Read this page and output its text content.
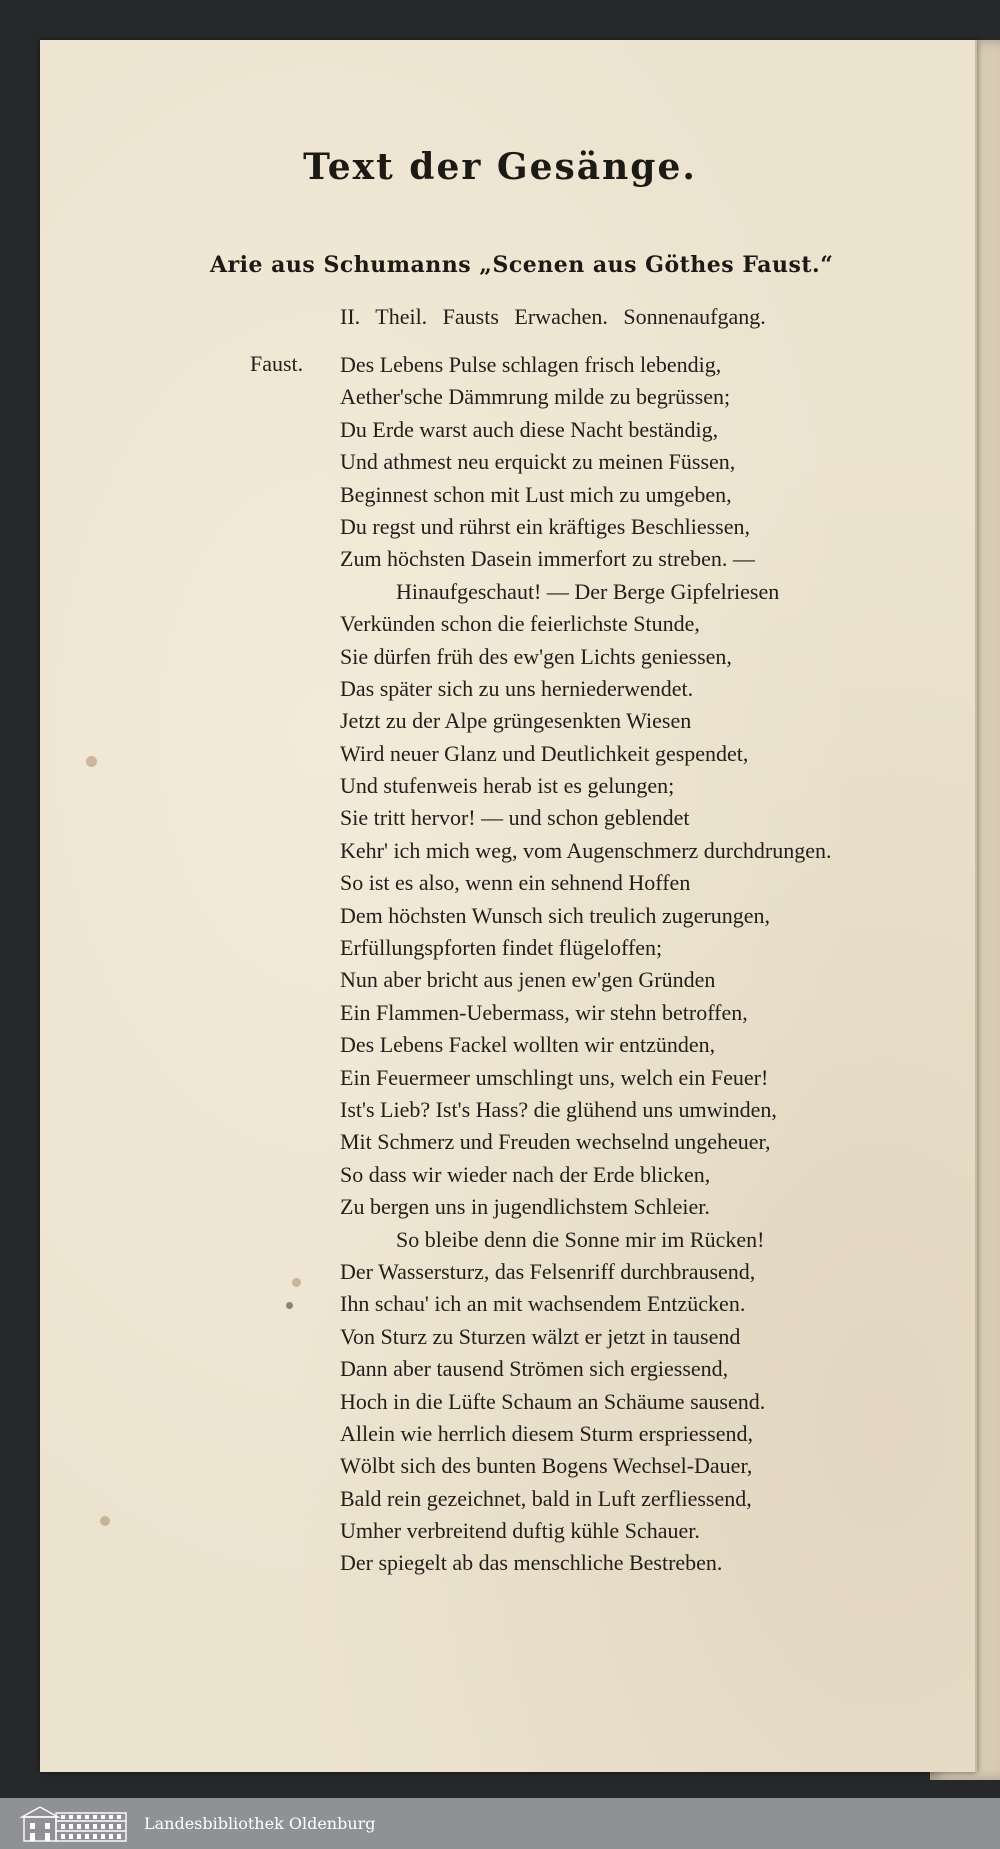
Text der Gesänge.
Arie aus Schumanns „Scenen aus Göthes Faust.“
II. Theil. Fausts Erwachen. Sonnenaufgang.
Faust. Des Lebens Pulse schlagen frisch lebendig,
Aether'sche Dämmrung milde zu begrüssen;
Du Erde warst auch diese Nacht beständig,
Und athmest neu erquickt zu meinen Füssen,
Beginnest schon mit Lust mich zu umgeben,
Du regst und rührst ein kräftiges Beschliessen,
Zum höchsten Dasein immerfort zu streben. —
Hinaufgeschaut! — Der Berge Gipfelriesen
Verkünden schon die feierlichste Stunde,
Sie dürfen früh des ew'gen Lichts geniessen,
Das später sich zu uns herniederwendet.
Jetzt zu der Alpe grüngesenkten Wiesen
Wird neuer Glanz und Deutlichkeit gespendet,
Und stufenweis herab ist es gelungen;
Sie tritt hervor! — und schon geblendet
Kehr' ich mich weg, vom Augenschmerz durchdrungen.
So ist es also, wenn ein sehnend Hoffen
Dem höchsten Wunsch sich treulich zugerungen,
Erfüllungspforten findet flügeloffen;
Nun aber bricht aus jenen ew'gen Gründen
Ein Flammen-Uebermass, wir stehn betroffen,
Des Lebens Fackel wollten wir entzünden,
Ein Feuermeer umschlingt uns, welch ein Feuer!
Ist's Lieb? Ist's Hass? die glühend uns umwinden,
Mit Schmerz und Freuden wechselnd ungeheuer,
So dass wir wieder nach der Erde blicken,
Zu bergen uns in jugendlichstem Schleier.
So bleibe denn die Sonne mir im Rücken!
Der Wassersturz, das Felsenriff durchbrausend,
Ihn schau' ich an mit wachsendem Entzücken.
Von Sturz zu Sturzen wälzt er jetzt in tausend
Dann aber tausend Strömen sich ergiessend,
Hoch in die Lüfte Schaum an Schäume sausend.
Allein wie herrlich diesem Sturm erspriessend,
Wölbt sich des bunten Bogens Wechsel-Dauer,
Bald rein gezeichnet, bald in Luft zerfliessend,
Umher verbreitend duftig kühle Schauer.
Der spiegelt ab das menschliche Bestreben.
Landesbibliothek Oldenburg
